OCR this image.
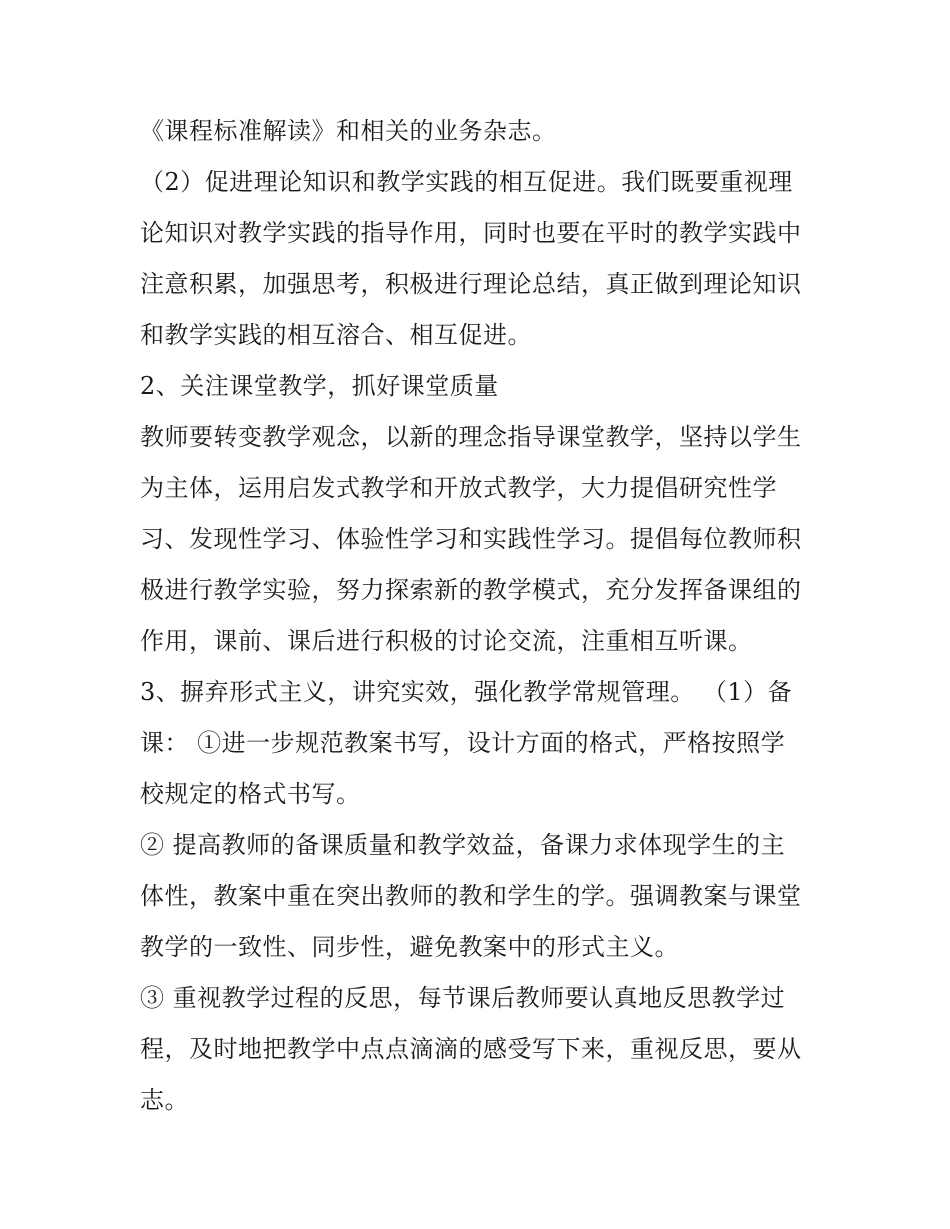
《课程标准解读》和相关的业务杂志。
（2）促进理论知识和教学实践的相互促进。我们既要重视理
论知识对教学实践的指导作用，同时也要在平时的教学实践中
注意积累，加强思考，积极进行理论总结，真正做到理论知识
和教学实践的相互溶合、相互促进。
2、关注课堂教学，抓好课堂质量
教师要转变教学观念，以新的理念指导课堂教学，坚持以学生
为主体，运用启发式教学和开放式教学，大力提倡研究性学
习、发现性学习、体验性学习和实践性学习。提倡每位教师积
极进行教学实验，努力探索新的教学模式，充分发挥备课组的
作用，课前、课后进行积极的讨论交流，注重相互听课。
3、摒弃形式主义，讲究实效，强化教学常规管理。 （1）备
课： ①进一步规范教案书写，设计方面的格式，严格按照学
校规定的格式书写。
② 提高教师的备课质量和教学效益，备课力求体现学生的主
体性，教案中重在突出教师的教和学生的学。强调教案与课堂
教学的一致性、同步性，避免教案中的形式主义。
③ 重视教学过程的反思，每节课后教师要认真地反思教学过
程，及时地把教学中点点滴滴的感受写下来，重视反思，要从
志。
